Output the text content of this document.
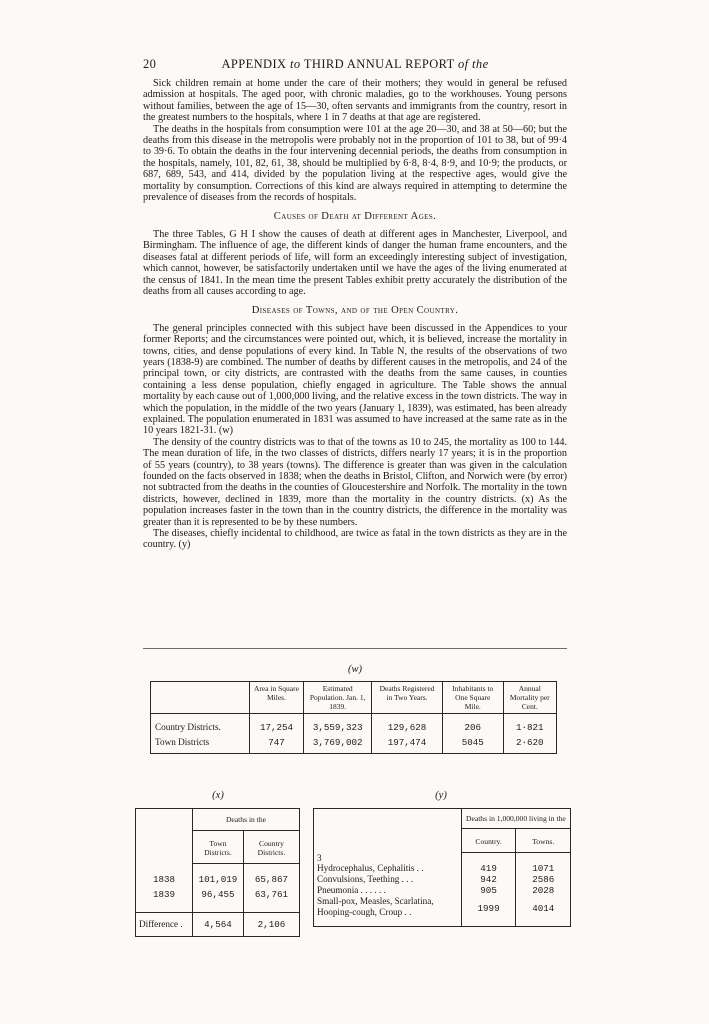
20	APPENDIX to THIRD ANNUAL REPORT of the

Sick children remain at home under the care of their mothers; they would in general be refused admission at hospitals. The aged poor, with chronic maladies, go to the workhouses. Young persons without families, between the age of 15—30, often servants and immigrants from the country, resort in the greatest numbers to the hospitals, where 1 in 7 deaths at that age are registered.

The deaths in the hospitals from consumption were 101 at the age 20—30, and 38 at 50—60; but the deaths from this disease in the metropolis were probably not in the proportion of 101 to 38, but of 99·4 to 39·6. To obtain the deaths in the four intervening decennial periods, the deaths from consumption in the hospitals, namely, 101, 82, 61, 38, should be multiplied by 6·8, 8·4, 8·9, and 10·9; the products, or 687, 689, 543, and 414, divided by the population living at the respective ages, would give the mortality by consumption. Corrections of this kind are always required in attempting to determine the prevalence of diseases from the records of hospitals.

Causes of Death at Different Ages.

The three Tables, G H I show the causes of death at different ages in Manchester, Liverpool, and Birmingham. The influence of age, the different kinds of danger the human frame encounters, and the diseases fatal at different periods of life, will form an exceedingly interesting subject of investigation, which cannot, however, be satisfactorily undertaken until we have the ages of the living enumerated at the census of 1841. In the mean time the present Tables exhibit pretty accurately the distribution of the deaths from all causes according to age.

Diseases of Towns, and of the Open Country.

The general principles connected with this subject have been discussed in the Appendices to your former Reports; and the circumstances were pointed out, which, it is believed, increase the mortality in towns, cities, and dense populations of every kind. In Table N, the results of the observations of two years (1838-9) are combined. The number of deaths by different causes in the metropolis, and 24 of the principal town, or city districts, are contrasted with the deaths from the same causes, in counties containing a less dense population, chiefly engaged in agriculture. The Table shows the annual mortality by each cause out of 1,000,000 living, and the relative excess in the town districts. The way in which the population, in the middle of the two years (January 1, 1839), was estimated, has been already explained. The population enumerated in 1831 was assumed to have increased at the same rate as in the 10 years 1821-31. (w)

The density of the country districts was to that of the towns as 10 to 245, the mortality as 100 to 144. The mean duration of life, in the two classes of districts, differs nearly 17 years; it is in the proportion of 55 years (country), to 38 years (towns). The difference is greater than was given in the calculation founded on the facts observed in 1838; when the deaths in Bristol, Clifton, and Norwich were (by error) not subtracted from the deaths in the counties of Gloucestershire and Norfolk. The mortality in the town districts, however, declined in 1839, more than the mortality in the country districts. (x) As the population increases faster in the town than in the country districts, the difference in the mortality was greater than it is represented to be by these numbers.

The diseases, chiefly incidental to childhood, are twice as fatal in the town districts as they are in the country. (y)

(w)
	Area in Square Miles.	Estimated Population. Jan. 1, 1839.	Deaths Registered in Two Years.	Inhabitants to One Square Mile.	Annual Mortality per Cent.
Country Districts.	17,254	3,559,323	129,628	206	1·821
Town Districts	747	3,769,002	197,474	5045	2·620
(x)
	Deaths in the	
	Town Districts.	Country Districts.
1838	101,019	65,867
1839	96,455	63,761
Difference .	4,564	2,106
(y)
	Deaths in 1,000,000 living in the	
	Country.	Towns.
3		
Hydrocephalus, Cephalitis . .	419	1071
Convulsions, Teething . . .	942	2586
Pneumonia . . . . . .	905	2028
Small-pox, Measles, Scarlatina, Hooping-cough, Croup . .	1999	4014
